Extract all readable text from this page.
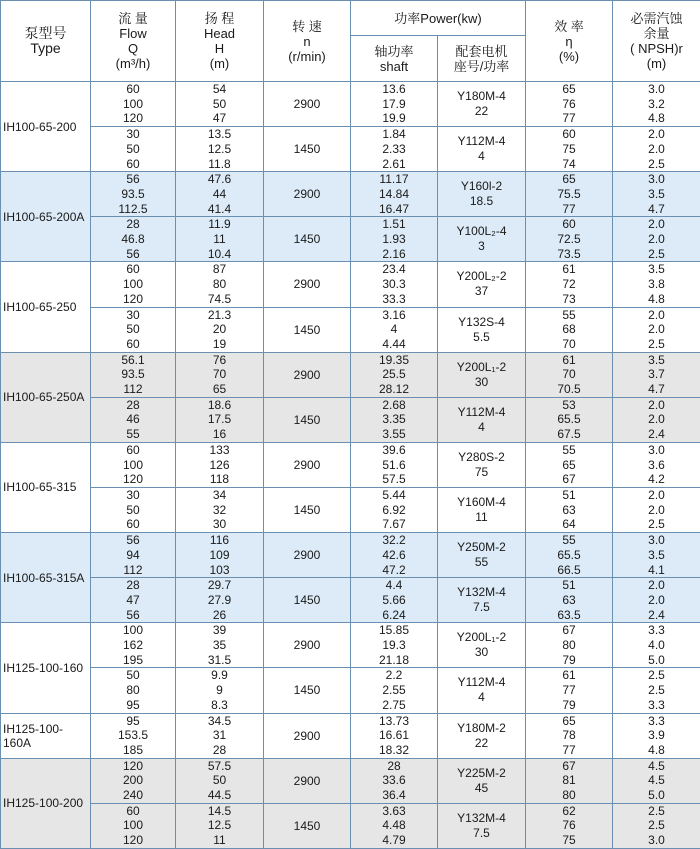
泵型号
Type	流 量
Flow
Q
(m³/h)	扬 程
Head
H
(m)	转 速
n
(r/min)	功率Power(kw)		效 率
η
(%)	必需汽蚀
余量
( NPSH)r
(m)

				轴功率
shaft	配套电机
座号/功率		

IH100-65-200	60
100
120	54
50
47	2900	13.6
17.9
19.9	Y180M-4
22	65
76
77	3.0
3.2
4.8

	30
50
60	13.5
12.5
11.8	1450	1.84
2.33
2.61	Y112M-4
4	60
75
74	2.0
2.0
2.5

IH100-65-200A	56
93.5
112.5	47.6
44
41.4	2900	11.17
14.84
16.47	Y160l-2
18.5	65
75.5
77	3.0
3.5
4.7

	28
46.8
56	11.9
11
10.4	1450	1.51
1.93
2.16	Y100L₂-4
3	60
72.5
73.5	2.0
2.0
2.5

IH100-65-250	60
100
120	87
80
74.5	2900	23.4
30.3
33.3	Y200L₂-2
37	61
72
73	3.5
3.8
4.8

	30
50
60	21.3
20
19	1450	3.16
4
4.44	Y132S-4
5.5	55
68
70	2.0
2.0
2.5

IH100-65-250A	56.1
93.5
112	76
70
65	2900	19.35
25.5
28.12	Y200L₁-2
30	61
70
70.5	3.5
3.7
4.7

	28
46
55	18.6
17.5
16	1450	2.68
3.35
3.55	Y112M-4
4	53
65.5
67.5	2.0
2.0
2.4

IH100-65-315	60
100
120	133
126
118	2900	39.6
51.6
57.5	Y280S-2
75	55
65
67	3.0
3.6
4.2

	30
50
60	34
32
30	1450	5.44
6.92
7.67	Y160M-4
11	51
63
64	2.0
2.0
2.5

IH100-65-315A	56
94
112	116
109
103	2900	32.2
42.6
47.2	Y250M-2
55	55
65.5
66.5	3.0
3.5
4.1

	28
47
56	29.7
27.9
26	1450	4.4
5.66
6.24	Y132M-4
7.5	51
63
63.5	2.0
2.0
2.4

IH125-100-160	100
162
195	39
35
31.5	2900	15.85
19.3
21.18	Y200L₁-2
30	67
80
79	3.3
4.0
5.0

	50
80
95	9.9
9
8.3	1450	2.2
2.55
2.75	Y112M-4
4	61
77
79	2.5
2.5
3.3

IH125-100-160A	95
153.5
185	34.5
31
28	2900	13.73
16.61
18.32	Y180M-2
22	65
78
77	3.3
3.9
4.8

IH125-100-200	120
200
240	57.5
50
44.5	2900	28
33.6
36.4	Y225M-2
45	67
81
80	4.5
4.5
5.0

	60
100
120	14.5
12.5
11	1450	3.63
4.48
4.79	Y132M-4
7.5	62
76
75	2.5
2.5
3.0
